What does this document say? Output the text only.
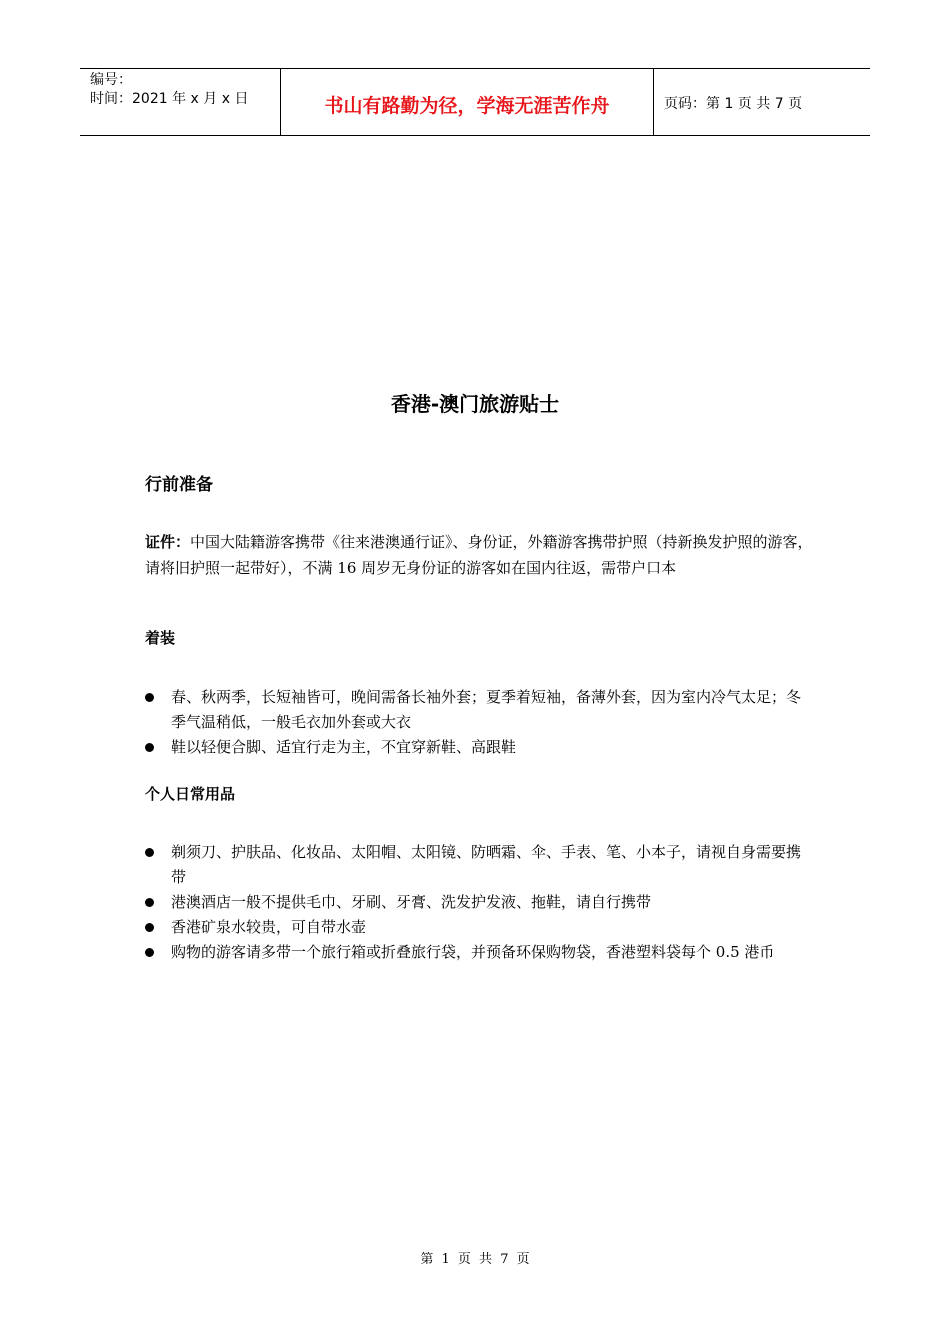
编号：
时间：2021 年 x 月 x 日	书山有路勤为径，学海无涯苦作舟	页码：第 1 页 共 7 页
香港-澳门旅游贴士
行前准备
证件：中国大陆籍游客携带《往来港澳通行证》、身份证，外籍游客携带护照（持新换发护照的游客，请将旧护照一起带好），不满 16 周岁无身份证的游客如在国内往返，需带户口本
着装
春、秋两季，长短袖皆可，晚间需备长袖外套；夏季着短袖，备薄外套，因为室内冷气太足；冬季气温稍低，一般毛衣加外套或大衣
鞋以轻便合脚、适宜行走为主，不宜穿新鞋、高跟鞋
个人日常用品
剃须刀、护肤品、化妆品、太阳帽、太阳镜、防晒霜、伞、手表、笔、小本子，请视自身需要携带
港澳酒店一般不提供毛巾、牙刷、牙膏、洗发护发液、拖鞋，请自行携带
香港矿泉水较贵，可自带水壶
购物的游客请多带一个旅行箱或折叠旅行袋，并预备环保购物袋，香港塑料袋每个 0.5 港币
第 1 页 共 7 页
